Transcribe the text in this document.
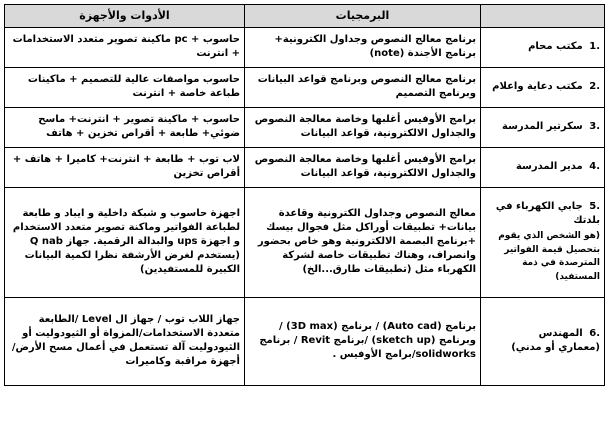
	البرمجيات	الأدوات والأجهزة
.1 مكتب محام	برنامج معالج النصوص وجداول الكترونية+ برنامج الأجندة (note)	حاسوب + pc ماكينة تصوير متعدد الاستخدامات + انترنت
.2 مكتب دعاية واعلام	برنامج معالج النصوص وبرنامج قواعد البيانات وبرنامج التصميم	حاسوب مواصفات عالية للتصميم + ماكينات طباعة خاصة + انترنت
.3 سكرتير المدرسة	برامج الأوفيس أغلبها وخاصة معالجة النصوص والجداول الالكترونية، قواعد البيانات	حاسوب + ماكينة تصوير + انترنت+ ماسح ضوئي+ طابعة + أقراص تخزين + هاتف
.4 مدير المدرسة	برامج الأوفيس أغلبها وخاصة معالجة النصوص والجداول الالكترونية، قواعد البيانات	لاب توب + طابعة + انترنت+ كاميرا + هاتف + أقراص تخزين
.5 جابي الكهرباء في بلدتك
(هو الشخص الذي يقوم بتحصيل قيمة الفواتير المترصدة في ذمة المستفيد)	معالج النصوص وجداول الكترونية وقاعدة بيانات+ تطبيقات أوراكل مثل فجوال بيسك +برنامج البصمة الالكترونية وهو خاص بحضور وانصراف، وهناك تطبيقات خاصة لشركة الكهرباء مثل (تطبيقات طارق...الخ)	اجهزة حاسوب و شبكة داخلية و ايباد و طابعة لطباعة الفواتير وماكنة تصوير متعدد الاستخدام و اجهزة ups والبدالة الرقمية. جهاز Q nab (يستخدم لغرض الأرشفة نظرا لكمية البيانات الكبيرة للمستفيدين)
.6 المهندس
(معماري أو مدني)	برنامج (Auto cad) / برنامج (3D max) / وبرنامج (sketch up) /برنامج Revit / برنامج solidworks/برامج الأوفيس .	جهاز اللاب توب / جهاز ال Level /الطابعة متعددة الاستخدامات/المزواة أو الثيودوليت أو الثيودوليت آلة تستعمل في أعمال مسح الأرض/ أجهزة مراقبة وكاميرات
